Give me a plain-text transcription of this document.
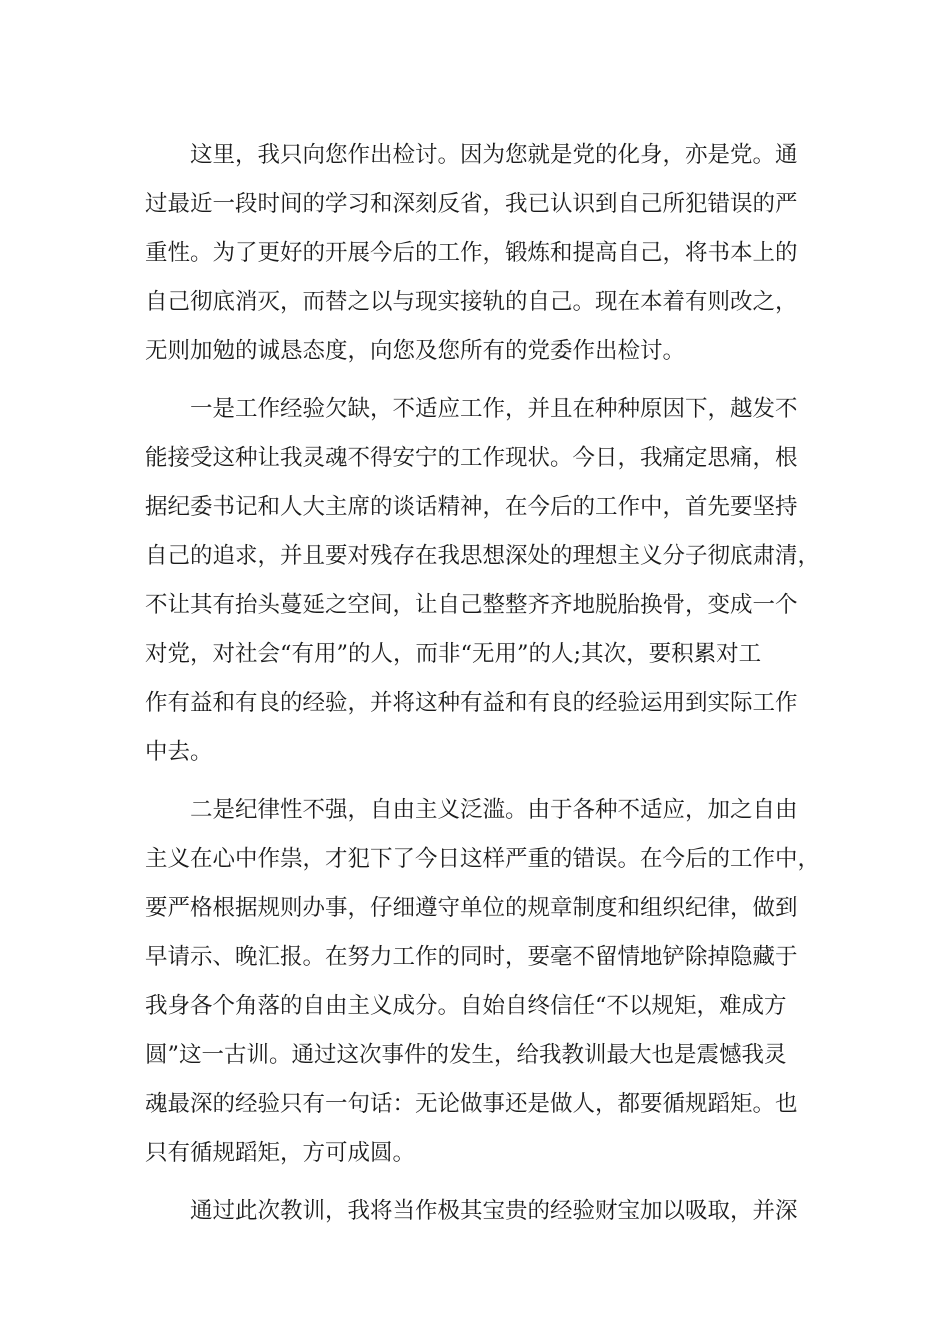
这里，我只向您作出检讨。因为您就是党的化身，亦是党。通
过最近一段时间的学习和深刻反省，我已认识到自己所犯错误的严
重性。为了更好的开展今后的工作，锻炼和提高自己，将书本上的
自己彻底消灭，而替之以与现实接轨的自己。现在本着有则改之，
无则加勉的诚恳态度，向您及您所有的党委作出检讨。
一是工作经验欠缺，不适应工作，并且在种种原因下，越发不
能接受这种让我灵魂不得安宁的工作现状。今日，我痛定思痛，根
据纪委书记和人大主席的谈话精神，在今后的工作中，首先要坚持
自己的追求，并且要对残存在我思想深处的理想主义分子彻底肃清，
不让其有抬头蔓延之空间，让自己整整齐齐地脱胎换骨，变成一个
对党，对社会“有用”的人，而非“无用”的人;其次，要积累对工
作有益和有良的经验，并将这种有益和有良的经验运用到实际工作
中去。
二是纪律性不强，自由主义泛滥。由于各种不适应，加之自由
主义在心中作祟，才犯下了今日这样严重的错误。在今后的工作中，
要严格根据规则办事，仔细遵守单位的规章制度和组织纪律，做到
早请示、晚汇报。在努力工作的同时，要毫不留情地铲除掉隐藏于
我身各个角落的自由主义成分。自始自终信任“不以规矩，难成方
圆”这一古训。通过这次事件的发生，给我教训最大也是震憾我灵
魂最深的经验只有一句话：无论做事还是做人，都要循规蹈矩。也
只有循规蹈矩，方可成圆。
通过此次教训，我将当作极其宝贵的经验财宝加以吸取，并深
